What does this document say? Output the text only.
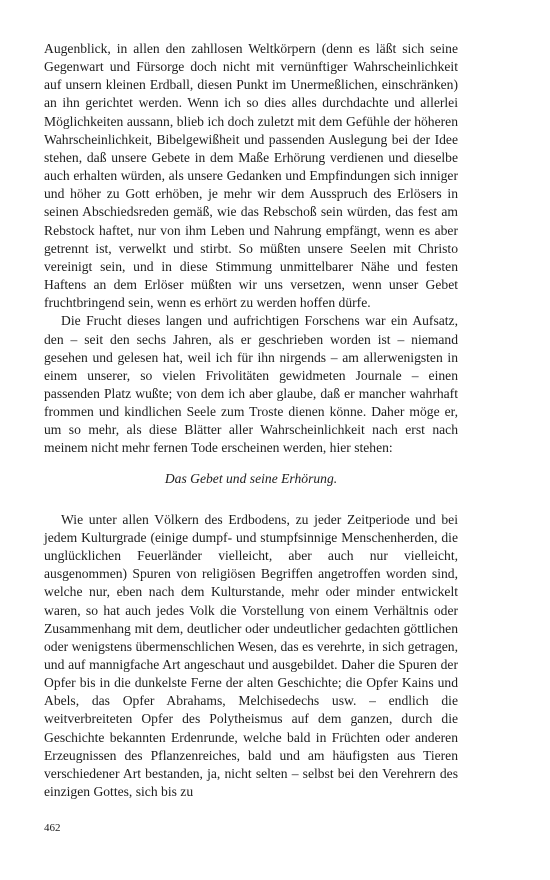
Augenblick, in allen den zahllosen Weltkörpern (denn es läßt sich seine Gegenwart und Fürsorge doch nicht mit vernünftiger Wahrscheinlichkeit auf unsern kleinen Erdball, diesen Punkt im Unermeßlichen, einschränken) an ihn gerichtet werden. Wenn ich so dies alles durchdachte und allerlei Möglichkeiten aussann, blieb ich doch zuletzt mit dem Gefühle der höheren Wahrscheinlichkeit, Bibelgewißheit und passenden Auslegung bei der Idee stehen, daß unsere Gebete in dem Maße Erhörung verdienen und dieselbe auch erhalten würden, als unsere Gedanken und Empfindungen sich inniger und höher zu Gott erhöben, je mehr wir dem Ausspruch des Erlösers in seinen Abschiedsreden gemäß, wie das Rebschoß sein würden, das fest am Rebstock haftet, nur von ihm Leben und Nahrung empfängt, wenn es aber getrennt ist, verwelkt und stirbt. So müßten unsere Seelen mit Christo vereinigt sein, und in diese Stimmung unmittelbarer Nähe und festen Haftens an dem Erlöser müßten wir uns versetzen, wenn unser Gebet fruchtbringend sein, wenn es erhört zu werden hoffen dürfe.

Die Frucht dieses langen und aufrichtigen Forschens war ein Aufsatz, den – seit den sechs Jahren, als er geschrieben worden ist – niemand gesehen und gelesen hat, weil ich für ihn nirgends – am allerwenigsten in einem unserer, so vielen Frivolitäten gewidmeten Journale – einen passenden Platz wußte; von dem ich aber glaube, daß er mancher wahrhaft frommen und kindlichen Seele zum Troste dienen könne. Daher möge er, um so mehr, als diese Blätter aller Wahrscheinlichkeit nach erst nach meinem nicht mehr fernen Tode erscheinen werden, hier stehen:

Das Gebet und seine Erhörung.

Wie unter allen Völkern des Erdbodens, zu jeder Zeitperiode und bei jedem Kulturgrade (einige dumpf- und stumpfsinnige Menschenherden, die unglücklichen Feuerländer vielleicht, aber auch nur vielleicht, ausgenommen) Spuren von religiösen Begriffen angetroffen worden sind, welche nur, eben nach dem Kulturstande, mehr oder minder entwickelt waren, so hat auch jedes Volk die Vorstellung von einem Verhältnis oder Zusammenhang mit dem, deutlicher oder undeutlicher gedachten göttlichen oder wenigstens übermenschlichen Wesen, das es verehrte, in sich getragen, und auf mannigfache Art angeschaut und ausgebildet. Daher die Spuren der Opfer bis in die dunkelste Ferne der alten Geschichte; die Opfer Kains und Abels, das Opfer Abrahams, Melchisedechs usw. – endlich die weitverbreiteten Opfer des Polytheismus auf dem ganzen, durch die Geschichte bekannten Erdenrunde, welche bald in Früchten oder anderen Erzeugnissen des Pflanzenreiches, bald und am häufigsten aus Tieren verschiedener Art bestanden, ja, nicht selten – selbst bei den Verehrern des einzigen Gottes, sich bis zu

462
